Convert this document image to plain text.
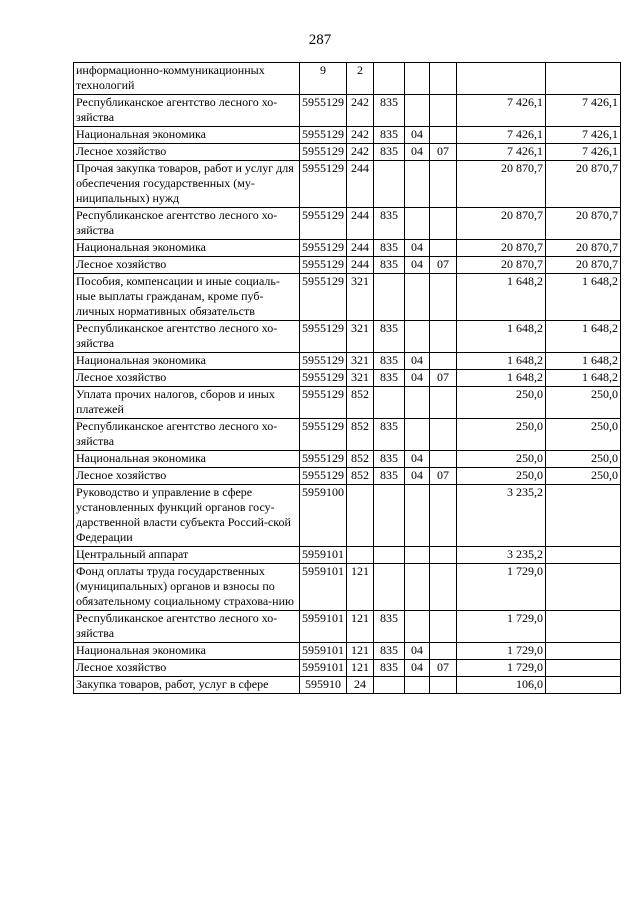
287
информационно-коммуникационных технологий	9	2					
Республиканское агентство лесного хо-зяйства	5955129	242	835			7 426,1	7 426,1
Национальная экономика	5955129	242	835	04		7 426,1	7 426,1
Лесное хозяйство	5955129	242	835	04	07	7 426,1	7 426,1
Прочая закупка товаров, работ и услуг для обеспечения государственных (му-ниципальных) нужд	5955129	244				20 870,7	20 870,7
Республиканское агентство лесного хо-зяйства	5955129	244	835			20 870,7	20 870,7
Национальная экономика	5955129	244	835	04		20 870,7	20 870,7
Лесное хозяйство	5955129	244	835	04	07	20 870,7	20 870,7
Пособия, компенсации и иные социаль-ные выплаты гражданам, кроме пуб-личных нормативных обязательств	5955129	321				1 648,2	1 648,2
Республиканское агентство лесного хо-зяйства	5955129	321	835			1 648,2	1 648,2
Национальная экономика	5955129	321	835	04		1 648,2	1 648,2
Лесное хозяйство	5955129	321	835	04	07	1 648,2	1 648,2
Уплата прочих налогов, сборов и иных платежей	5955129	852				250,0	250,0
Республиканское агентство лесного хо-зяйства	5955129	852	835			250,0	250,0
Национальная экономика	5955129	852	835	04		250,0	250,0
Лесное хозяйство	5955129	852	835	04	07	250,0	250,0
Руководство и управление в сфере установленных функций органов госу-дарственной власти субъекта Россий-ской Федерации	5959100					3 235,2	
Центральный аппарат	5959101					3 235,2	
Фонд оплаты труда государственных (муниципальных) органов и взносы по обязательному социальному страхова-нию	5959101	121				1 729,0	
Республиканское агентство лесного хо-зяйства	5959101	121	835			1 729,0	
Национальная экономика	5959101	121	835	04		1 729,0	
Лесное хозяйство	5959101	121	835	04	07	1 729,0	
Закупка товаров, работ, услуг в сфере	595910	24				106,0	
